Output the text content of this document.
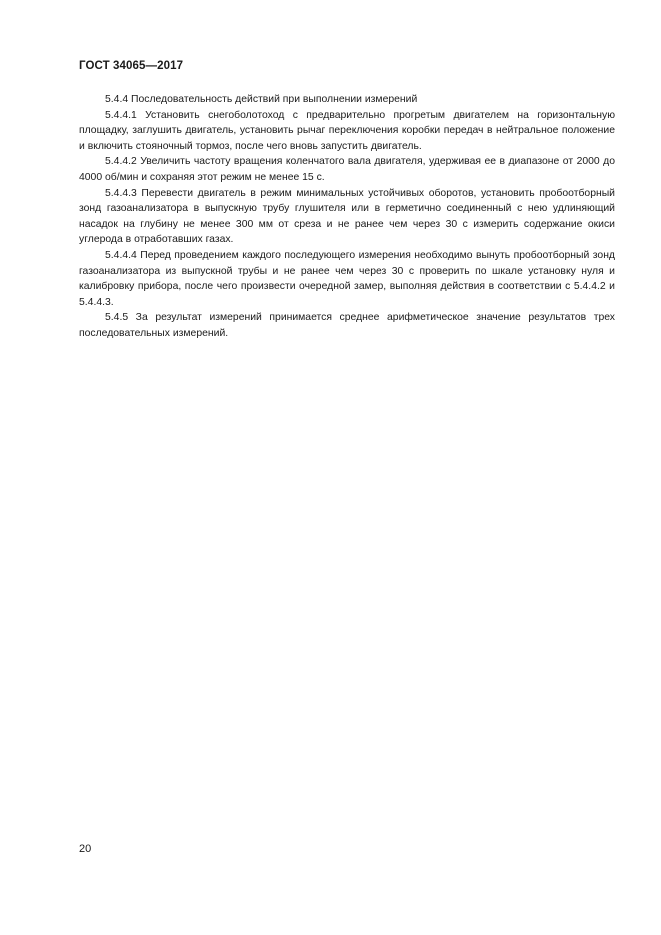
ГОСТ 34065—2017

5.4.4 Последовательность действий при выполнении измерений

5.4.4.1 Установить снегоболотоход с предварительно прогретым двигателем на горизонтальную площадку, заглушить двигатель, установить рычаг переключения коробки передач в нейтральное положение и включить стояночный тормоз, после чего вновь запустить двигатель.

5.4.4.2 Увеличить частоту вращения коленчатого вала двигателя, удерживая ее в диапазоне от 2000 до 4000 об/мин и сохраняя этот режим не менее 15 с.

5.4.4.3 Перевести двигатель в режим минимальных устойчивых оборотов, установить пробоотборный зонд газоанализатора в выпускную трубу глушителя или в герметично соединенный с нею удлиняющий насадок на глубину не менее 300 мм от среза и не ранее чем через 30 с измерить содержание окиси углерода в отработавших газах.

5.4.4.4 Перед проведением каждого последующего измерения необходимо вынуть пробоотборный зонд газоанализатора из выпускной трубы и не ранее чем через 30 с проверить по шкале установку нуля и калибровку прибора, после чего произвести очередной замер, выполняя действия в соответствии с 5.4.4.2 и 5.4.4.3.

5.4.5 За результат измерений принимается среднее арифметическое значение результатов трех последовательных измерений.

20
